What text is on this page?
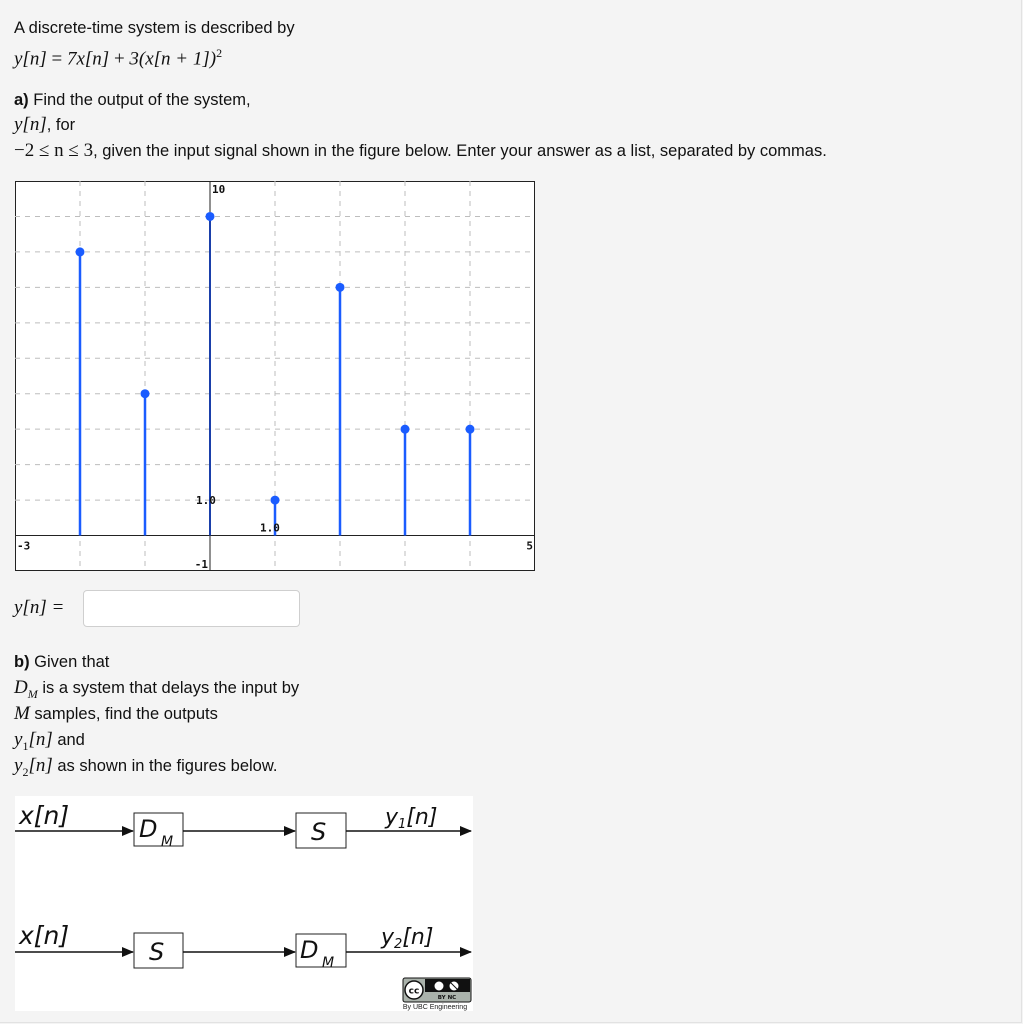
A discrete-time system is described by
$y[n] = 7x[n] + 3(x[n + 1])^2$
a) Find the output of the system,
y[n], for
−2 ≤ n ≤ 3, given the input signal shown in the figure below. Enter your answer as a list, separated by commas.
-3	5
-1
10
1.0
1.0
y[n] =
b) Given that
$D_M$ is a system that delays the input by
M samples, find the outputs
$y_1[n]$ and
$y_2[n]$ as shown in the figures below.
x[n]	D M	S
y1[n]
x[n]
S	D M
y2[n]
cc
BY NC
By UBC Engineering
